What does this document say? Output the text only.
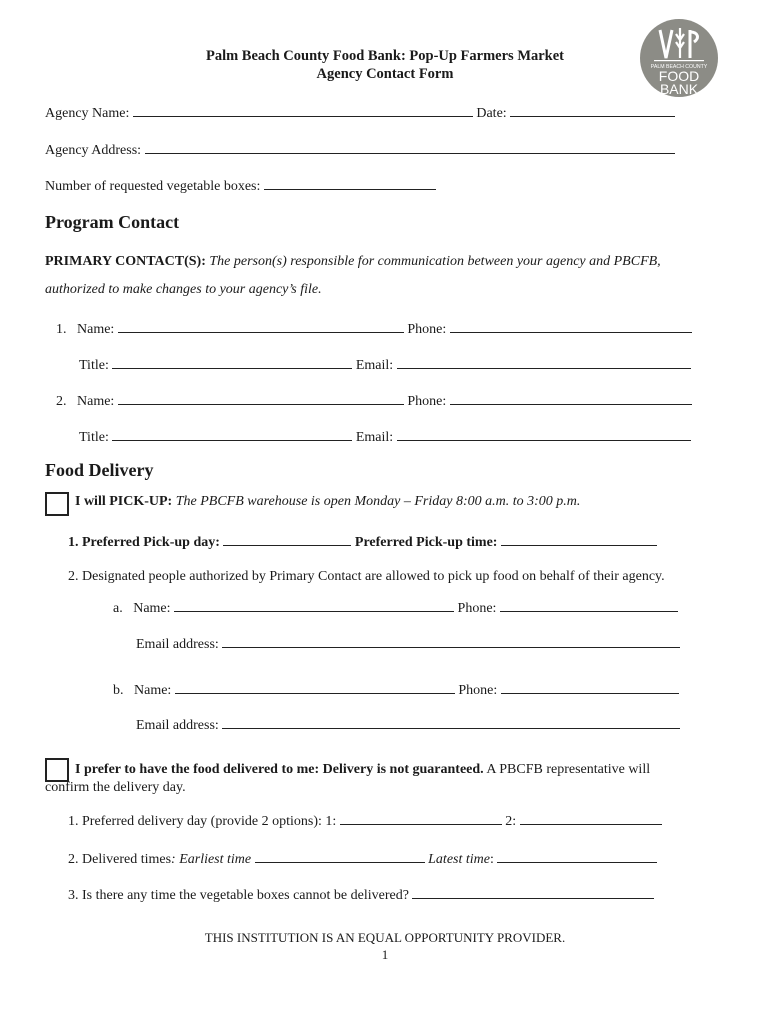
PALM BEACH COUNTY
FOOD
BANK
Palm Beach County Food Bank: Pop-Up Farmers Market
Agency Contact Form
Agency Name:	Date:
Agency Address:
Number of requested vegetable boxes:
Program Contact
PRIMARY CONTACT(S): The person(s) responsible for communication between your agency and PBCFB,
authorized to make changes to your agency’s file.
1. Name:	Phone:
Title:	Email:
2. Name:	Phone:
Title:	Email:
Food Delivery
I will PICK-UP: The PBCFB warehouse is open Monday – Friday 8:00 a.m. to 3:00 p.m.
1. Preferred Pick-up day:	Preferred Pick-up time:
2. Designated people authorized by Primary Contact are allowed to pick up food on behalf of their agency.
a. Name:	Phone:
Email address:
b. Name:	Phone:
Email address:
I prefer to have the food delivered to me: Delivery is not guaranteed. A PBCFB representative will
confirm the delivery day.
1. Preferred delivery day (provide 2 options): 1:	2:
2. Delivered times: Earliest time	Latest time:
3. Is there any time the vegetable boxes cannot be delivered?
THIS INSTITUTION IS AN EQUAL OPPORTUNITY PROVIDER.
1
